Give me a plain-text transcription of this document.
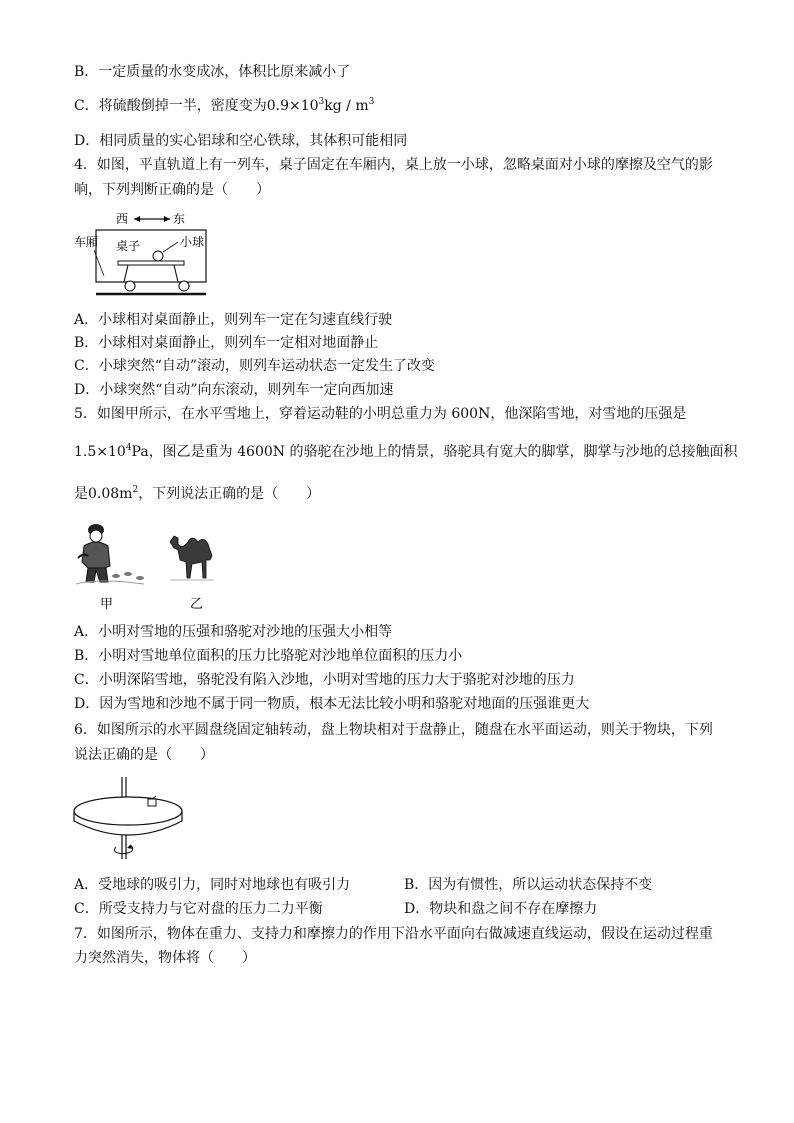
B．一定质量的水变成冰，体积比原来减小了
C．将硫酸倒掉一半，密度变为$0.9\times 10^3kg / m^3$
D．相同质量的实心铝球和空心铁球，其体积可能相同
4．如图，平直轨道上有一列车，桌子固定在车厢内，桌上放一小球，忽略桌面对小球的摩擦及空气的影
响，下列判断正确的是（　　）
西	东
车厢 桌子	小球
A．小球相对桌面静止，则列车一定在匀速直线行驶
B．小球相对桌面静止，则列车一定相对地面静止
C．小球突然“自动”滚动，则列车运动状态一定发生了改变
D．小球突然“自动”向东滚动，则列车一定向西加速
5．如图甲所示，在水平雪地上，穿着运动鞋的小明总重力为 600N，他深陷雪地，对雪地的压强是
$1.5\times 10^4Pa$，图乙是重为 4600N 的骆驼在沙地上的情景，骆驼具有宽大的脚掌，脚掌与沙地的总接触面积
是$0.08m^2$，下列说法正确的是（　　）
甲	乙
A．小明对雪地的压强和骆驼对沙地的压强大小相等
B．小明对雪地单位面积的压力比骆驼对沙地单位面积的压力小
C．小明深陷雪地，骆驼没有陷入沙地，小明对雪地的压力大于骆驼对沙地的压力
D．因为雪地和沙地不属于同一物质，根本无法比较小明和骆驼对地面的压强谁更大
6．如图所示的水平圆盘绕固定轴转动，盘上物块相对于盘静止，随盘在水平面运动，则关于物块，下列
说法正确的是（　　）
A．受地球的吸引力，同时对地球也有吸引力	B．因为有惯性，所以运动状态保持不变
C．所受支持力与它对盘的压力二力平衡	D．物块和盘之间不存在摩擦力
7．如图所示，物体在重力、支持力和摩擦力的作用下沿水平面向右做减速直线运动，假设在运动过程重
力突然消失，物体将（　　）
